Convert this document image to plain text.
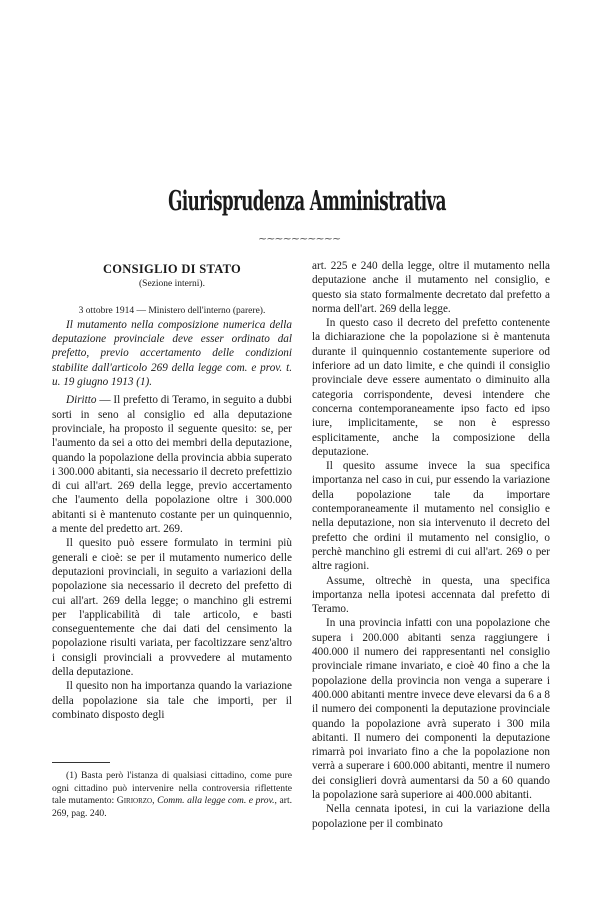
Giurisprudenza Amministrativa
~~~~~~~~~~
CONSIGLIO DI STATO
(Sezione interni).
3 ottobre 1914 — Ministero dell'interno (parere).

Il mutamento nella composizione numerica della deputazione provinciale deve esser ordinato dal prefetto, previo accertamento delle condizioni stabilite dall'articolo 269 della legge com. e prov. t. u. 19 giugno 1913 (1).

Diritto — Il prefetto di Teramo, in seguito a dubbi sorti in seno al consiglio ed alla deputazione provinciale, ha proposto il seguente quesito: se, per l'aumento da sei a otto dei membri della deputazione, quando la popolazione della provincia abbia superato i 300.000 abitanti, sia necessario il decreto prefettizio di cui all'art. 269 della legge, previo accertamento che l'aumento della popolazione oltre i 300.000 abitanti si è mantenuto costante per un quinquennio, a mente del predetto art. 269.

Il quesito può essere formulato in termini più generali e cioè: se per il mutamento numerico delle deputazioni provinciali, in seguito a variazioni della popolazione sia necessario il decreto del prefetto di cui all'art. 269 della legge; o manchino gli estremi per l'applicabilità di tale articolo, e basti conseguentemente che dai dati del censimento la popolazione risulti variata, per facoltizzare senz'altro i consigli provinciali a provvedere al mutamento della deputazione.

Il quesito non ha importanza quando la variazione della popolazione sia tale che importi, per il combinato disposto degli

(1) Basta però l'istanza di qualsiasi cittadino, come pure ogni cittadino può intervenire nella controversia riflettente tale mutamento: Giriorzo, Comm. alla legge com. e prov., art. 269, pag. 240.

art. 225 e 240 della legge, oltre il mutamento nella deputazione anche il mutamento nel consiglio, e questo sia stato formalmente decretato dal prefetto a norma dell'art. 269 della legge.

In questo caso il decreto del prefetto contenente la dichiarazione che la popolazione si è mantenuta durante il quinquennio costantemente superiore od inferiore ad un dato limite, e che quindi il consiglio provinciale deve essere aumentato o diminuito alla categoria corrispondente, devesi intendere che concerna contemporaneamente ipso facto ed ipso iure, implicitamente, se non è espresso esplicitamente, anche la composizione della deputazione.

Il quesito assume invece la sua specifica importanza nel caso in cui, pur essendo la variazione della popolazione tale da importare contemporaneamente il mutamento nel consiglio e nella deputazione, non sia intervenuto il decreto del prefetto che ordini il mutamento nel consiglio, o perchè manchino gli estremi di cui all'art. 269 o per altre ragioni.

Assume, oltrechè in questa, una specifica importanza nella ipotesi accennata dal prefetto di Teramo.

In una provincia infatti con una popolazione che supera i 200.000 abitanti senza raggiungere i 400.000 il numero dei rappresentanti nel consiglio provinciale rimane invariato, e cioè 40 fino a che la popolazione della provincia non venga a superare i 400.000 abitanti mentre invece deve elevarsi da 6 a 8 il numero dei componenti la deputazione provinciale quando la popolazione avrà superato i 300 mila abitanti. Il numero dei componenti la deputazione rimarrà poi invariato fino a che la popolazione non verrà a superare i 600.000 abitanti, mentre il numero dei consiglieri dovrà aumentarsi da 50 a 60 quando la popolazione sarà superiore ai 400.000 abitanti.

Nella cennata ipotesi, in cui la variazione della popolazione per il combinato
